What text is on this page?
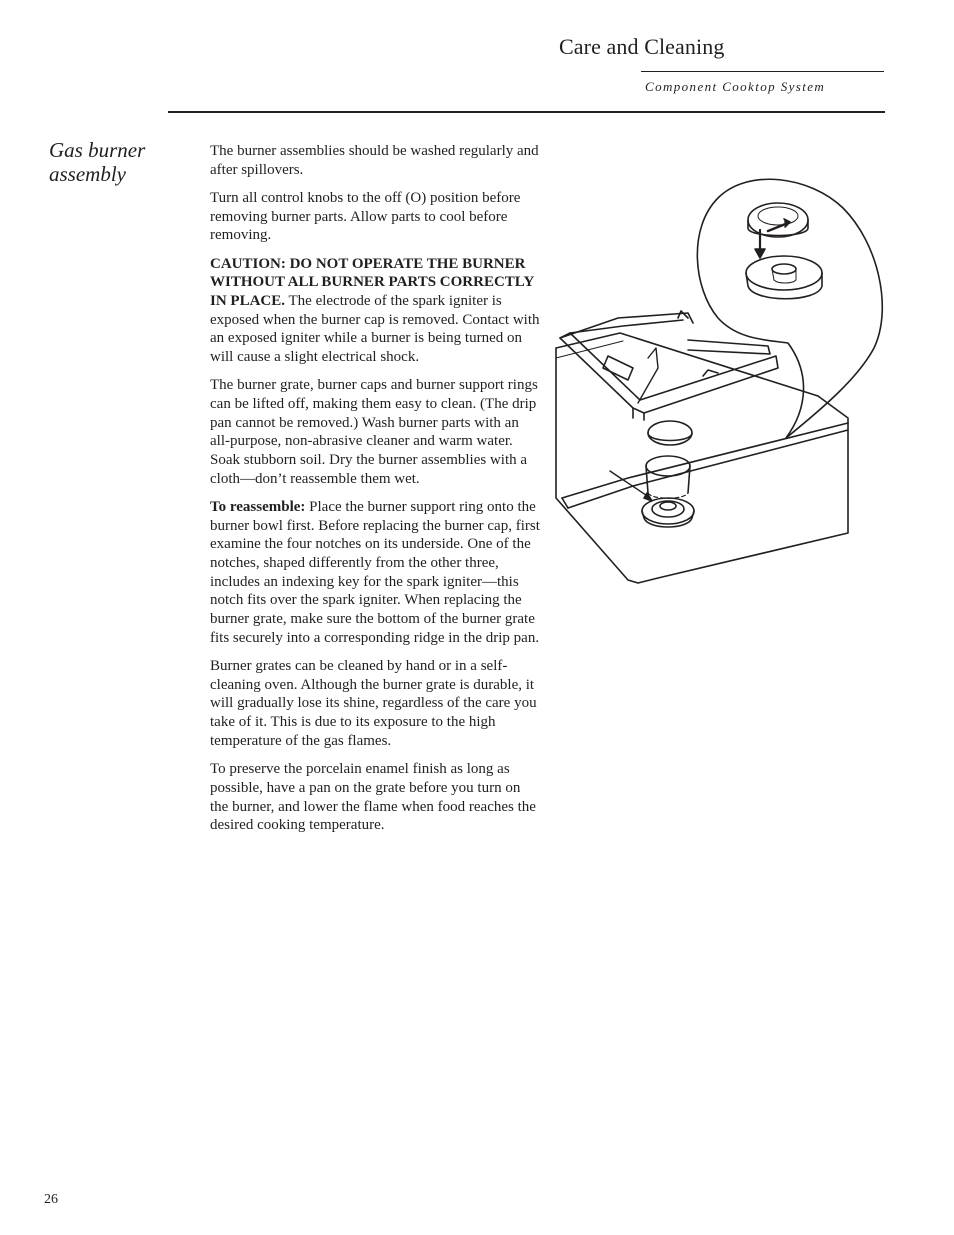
Care and Cleaning
Component Cooktop System
Gas burner
assembly

The burner assemblies should be washed regularly and after spillovers.

Turn all control knobs to the off (O) position before removing burner parts. Allow parts to cool before removing.

CAUTION: DO NOT OPERATE THE BURNER WITHOUT ALL BURNER PARTS CORRECTLY IN PLACE. The electrode of the spark igniter is exposed when the burner cap is removed. Contact with an exposed igniter while a burner is being turned on will cause a slight electrical shock.

The burner grate, burner caps and burner support rings can be lifted off, making them easy to clean. (The drip pan cannot be removed.) Wash burner parts with an all-purpose, non-abrasive cleaner and warm water. Soak stubborn soil. Dry the burner assemblies with a cloth—don’t reassemble them wet.

To reassemble: Place the burner support ring onto the burner bowl first. Before replacing the burner cap, first examine the four notches on its underside. One of the notches, shaped differently from the other three, includes an indexing key for the spark igniter—this notch fits over the spark igniter. When replacing the burner grate, make sure the bottom of the burner grate fits securely into a corresponding ridge in the drip pan.

Burner grates can be cleaned by hand or in a self-cleaning oven. Although the burner grate is durable, it will gradually lose its shine, regardless of the care you take of it. This is due to its exposure to the high temperature of the gas flames.

To preserve the porcelain enamel finish as long as possible, have a pan on the grate before you turn on the burner, and lower the flame when food reaches the desired cooking temperature.

26
